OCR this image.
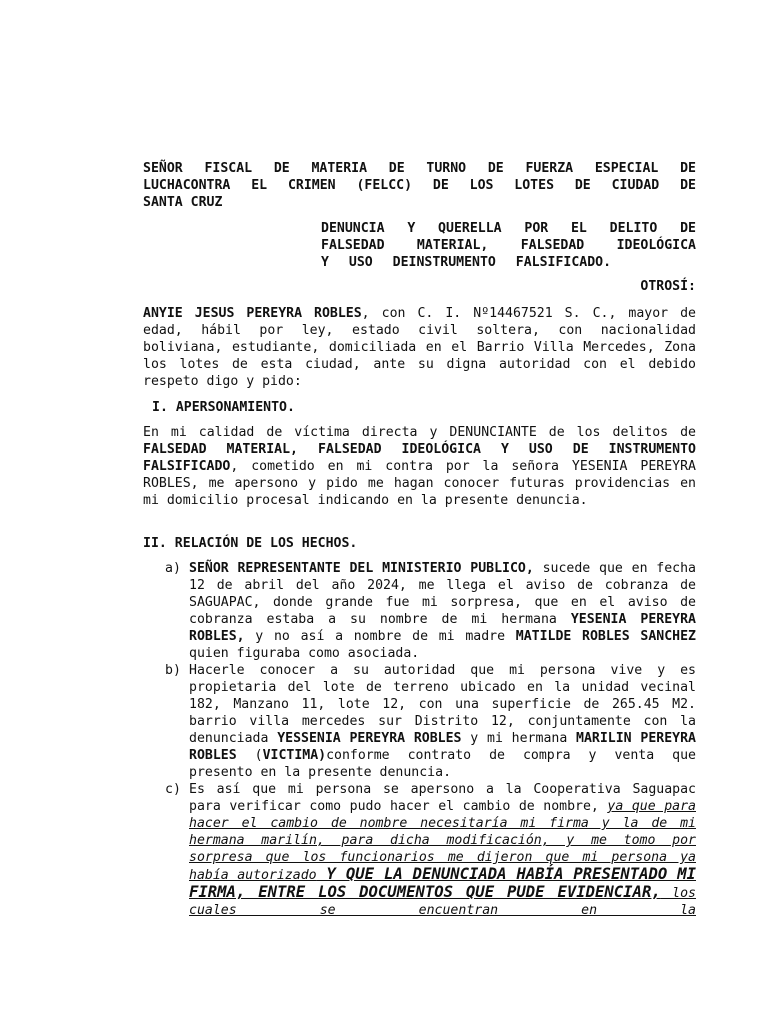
SEÑOR FISCAL DE MATERIA DE TURNO DE FUERZA ESPECIAL DE
LUCHACONTRA EL CRIMEN (FELCC) DE LOS LOTES DE CIUDAD DE
SANTA CRUZ
DENUNCIA Y QUERELLA POR EL DELITO DE
FALSEDAD MATERIAL, FALSEDAD IDEOLÓGICA
Y USO DEINSTRUMENTO FALSIFICADO.
OTROSÍ:
ANYIE JESUS PEREYRA ROBLES, con C. I. Nº14467521 S. C., mayor de edad, hábil por ley, estado civil soltera, con nacionalidad boliviana, estudiante, domiciliada en el Barrio Villa Mercedes, Zona los lotes de esta ciudad, ante su digna autoridad con el debido respeto digo y pido:
I. APERSONAMIENTO.
En mi calidad de víctima directa y DENUNCIANTE de los delitos de FALSEDAD MATERIAL, FALSEDAD IDEOLÓGICA Y USO DE INSTRUMENTO FALSIFICADO, cometido en mi contra por la señora YESENIA PEREYRA ROBLES, me apersono y pido me hagan conocer futuras providencias en mi domicilio procesal indicando en la presente denuncia.
II. RELACIÓN DE LOS HECHOS.
a) SEÑOR REPRESENTANTE DEL MINISTERIO PUBLICO, sucede que en fecha 12 de abril del año 2024, me llega el aviso de cobranza de SAGUAPAC, donde grande fue mi sorpresa, que en el aviso de cobranza estaba a su nombre de mi hermana YESENIA PEREYRA ROBLES, y no así a nombre de mi madre MATILDE ROBLES SANCHEZ quien figuraba como asociada.
b) Hacerle conocer a su autoridad que mi persona vive y es propietaria del lote de terreno ubicado en la unidad vecinal 182, Manzano 11, lote 12, con una superficie de 265.45 M2. barrio villa mercedes sur Distrito 12, conjuntamente con la denunciada YESSENIA PEREYRA ROBLES y mi hermana MARILIN PEREYRA ROBLES (VICTIMA)conforme contrato de compra y venta que presento en la presente denuncia.
c) Es así que mi persona se apersono a la Cooperativa Saguapac para verificar como pudo hacer el cambio de nombre, ya que para hacer el cambio de nombre necesitaría mi firma y la de mi hermana marilín, para dicha modificación, y me tomo por sorpresa que los funcionarios me dijeron que mi persona ya había autorizado Y QUE LA DENUNCIADA HABÍA PRESENTADO MI FIRMA, ENTRE LOS DOCUMENTOS QUE PUDE EVIDENCIAR, los cuales se encuentran en la
